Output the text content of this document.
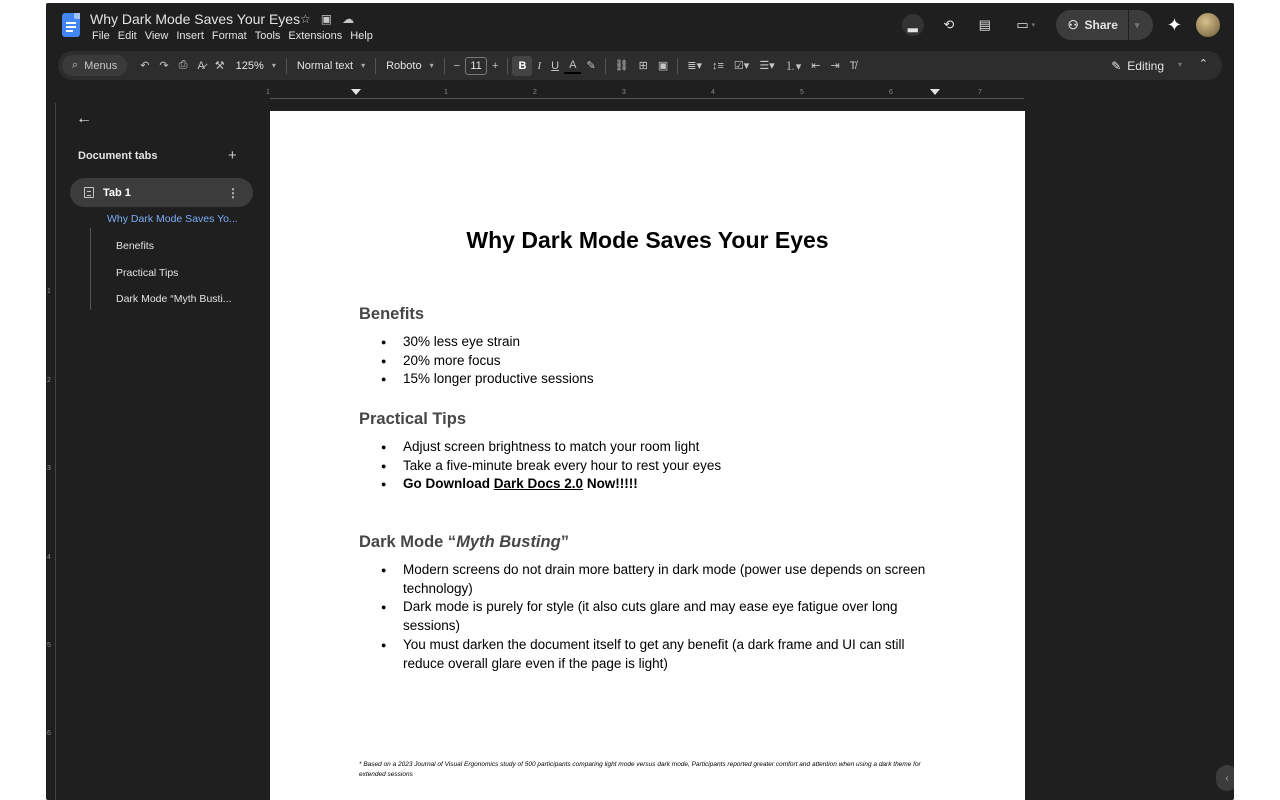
Why Dark Mode Saves Your Eyes ☆ ▣ ☁
File Edit View Insert Format Tools Extensions Help
▂	⟲	▤	▭ ▾	⚇ Share ▾	✦
⌕ Menus	↶ ↷ ⎙ A̷ ⚒	125% ▾ Normal text ▾ Roboto ▾	− 11 +	B	I U A ✎	⛓ ⊞ ▣	≣▾ ↕≡ ☑▾ ☰▾ ⒈▾ ⇤ ⇥ T̸	✎ Editing ▾ ⌃
1	1	2	3	4	5	6	7
1
2
3
4
5
6
←
Document tabs	+
Tab 1	⋮
Why Dark Mode Saves Yo...
Benefits
Practical Tips
Dark Mode “Myth Busti...
Why Dark Mode Saves Your Eyes
Benefits
● 30% less eye strain
● 20% more focus
● 15% longer productive sessions
Practical Tips
● Adjust screen brightness to match your room light
● Take a five-minute break every hour to rest your eyes
● Go Download Dark Docs 2.0 Now!!!!!
Dark Mode “Myth Busting”
● Modern screens do not drain more battery in dark mode (power use depends on screen technology)
● Dark mode is purely for style (it also cuts glare and may ease eye fatigue over long sessions)
● You must darken the document itself to get any benefit (a dark frame and UI can still reduce overall glare even if the page is light)
* Based on a 2023 Journal of Visual Ergonomics study of 500 participants comparing light mode versus dark mode, Participants reported greater comfort and attention when using a dark theme for extended sessions	‹
